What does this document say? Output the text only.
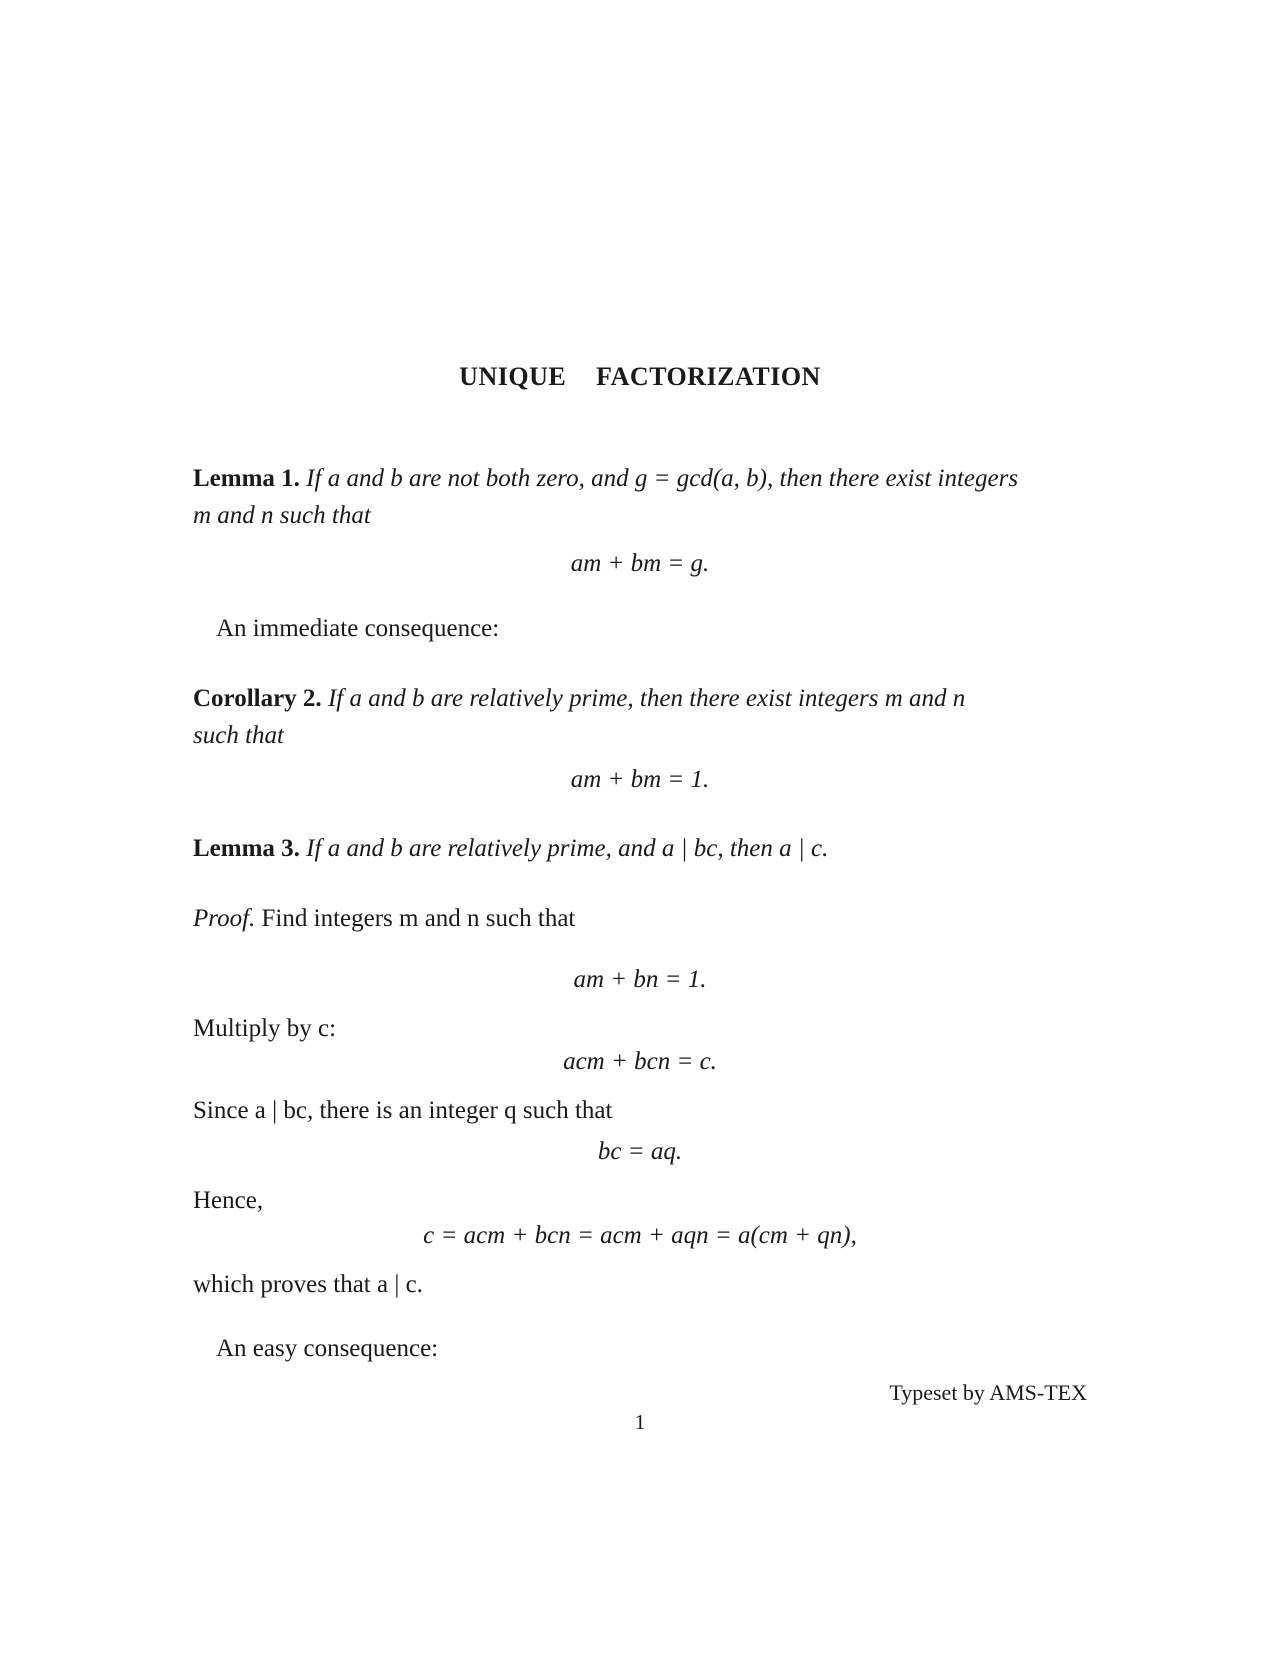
UNIQUE  FACTORIZATION
Lemma 1. If a and b are not both zero, and g = gcd(a, b), then there exist integers
m and n such that
am + bm = g.
An immediate consequence:
Corollary 2. If a and b are relatively prime, then there exist integers m and n
such that
am + bm = 1.
Lemma 3. If a and b are relatively prime, and a | bc, then a | c.
Proof. Find integers m and n such that
am + bn = 1.
Multiply by c:
acm + bcn = c.
Since a | bc, there is an integer q such that
bc = aq.
Hence,
c = acm + bcn = acm + aqn = a(cm + qn),
which proves that a | c.
An easy consequence:
Typeset by AMS-TEX
1
